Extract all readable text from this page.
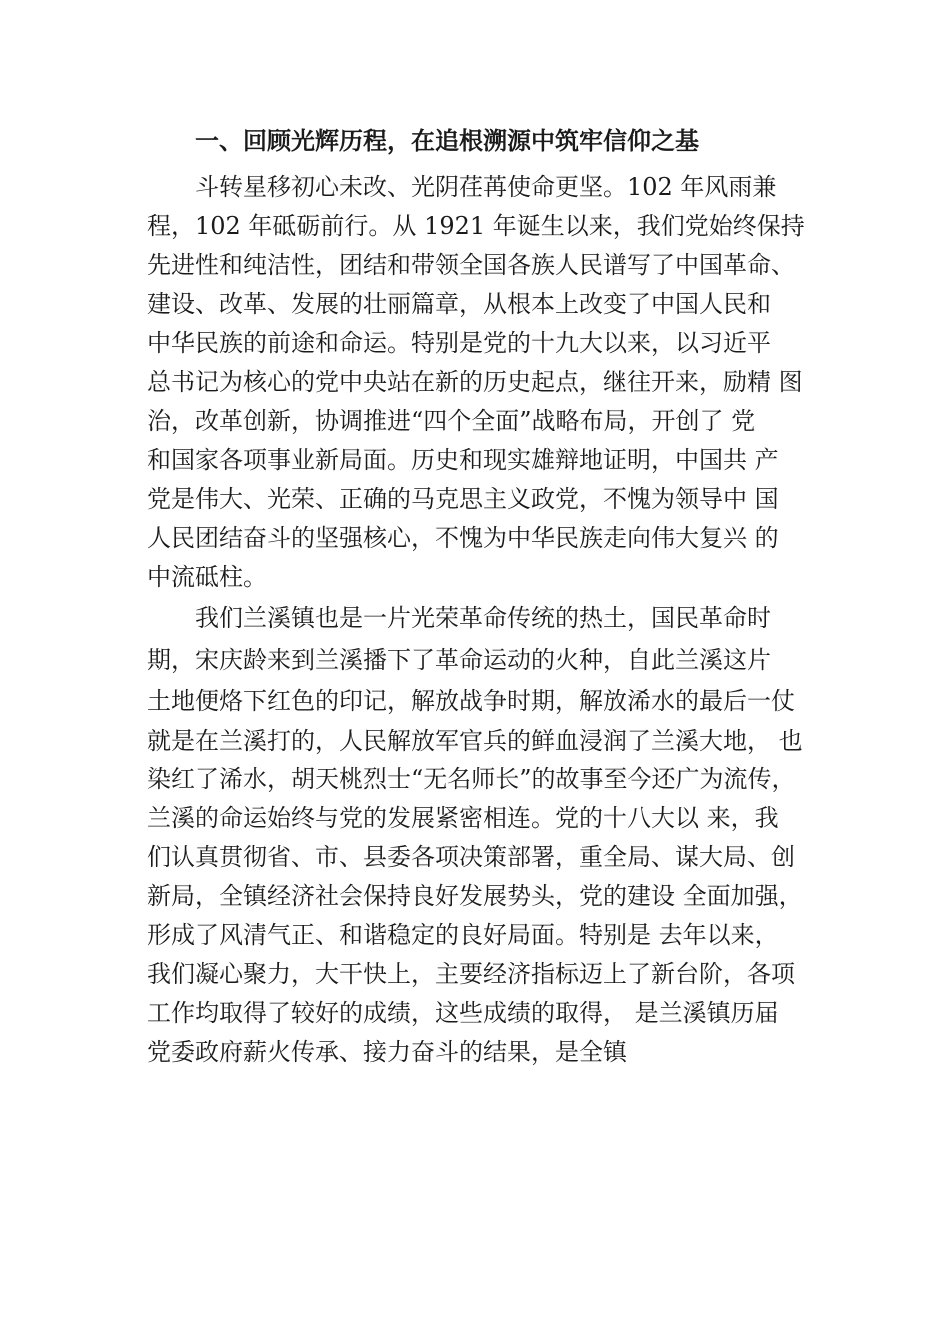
一、回顾光辉历程，在追根溯源中筑牢信仰之基

斗转星移初心未改、光阴荏苒使命更坚。102 年风雨兼

程，102 年砥砺前行。从 1921 年诞生以来，我们党始终保持

先进性和纯洁性，团结和带领全国各族人民谱写了中国革命、

建设、改革、发展的壮丽篇章，从根本上改变了中国人民和

中华民族的前途和命运。特别是党的十九大以来，以习近平

总书记为核心的党中央站在新的历史起点，继往开来，励精 图

治，改革创新，协调推进“四个全面”战略布局，开创了 党

和国家各项事业新局面。历史和现实雄辩地证明，中国共 产

党是伟大、光荣、正确的马克思主义政党，不愧为领导中 国

人民团结奋斗的坚强核心，不愧为中华民族走向伟大复兴 的

中流砥柱。

我们兰溪镇也是一片光荣革命传统的热土，国民革命时

期，宋庆龄来到兰溪播下了革命运动的火种，自此兰溪这片

土地便烙下红色的印记，解放战争时期，解放浠水的最后一仗

就是在兰溪打的，人民解放军官兵的鲜血浸润了兰溪大地， 也

染红了浠水，胡天桃烈士“无名师长”的故事至今还广为流传，

兰溪的命运始终与党的发展紧密相连。党的十八大以 来，我

们认真贯彻省、市、县委各项决策部署，重全局、谋大局、创

新局，全镇经济社会保持良好发展势头，党的建设 全面加强，

形成了风清气正、和谐稳定的良好局面。特别是 去年以来，

我们凝心聚力，大干快上，主要经济指标迈上了新台阶，各项

工作均取得了较好的成绩，这些成绩的取得， 是兰溪镇历届

党委政府薪火传承、接力奋斗的结果，是全镇
